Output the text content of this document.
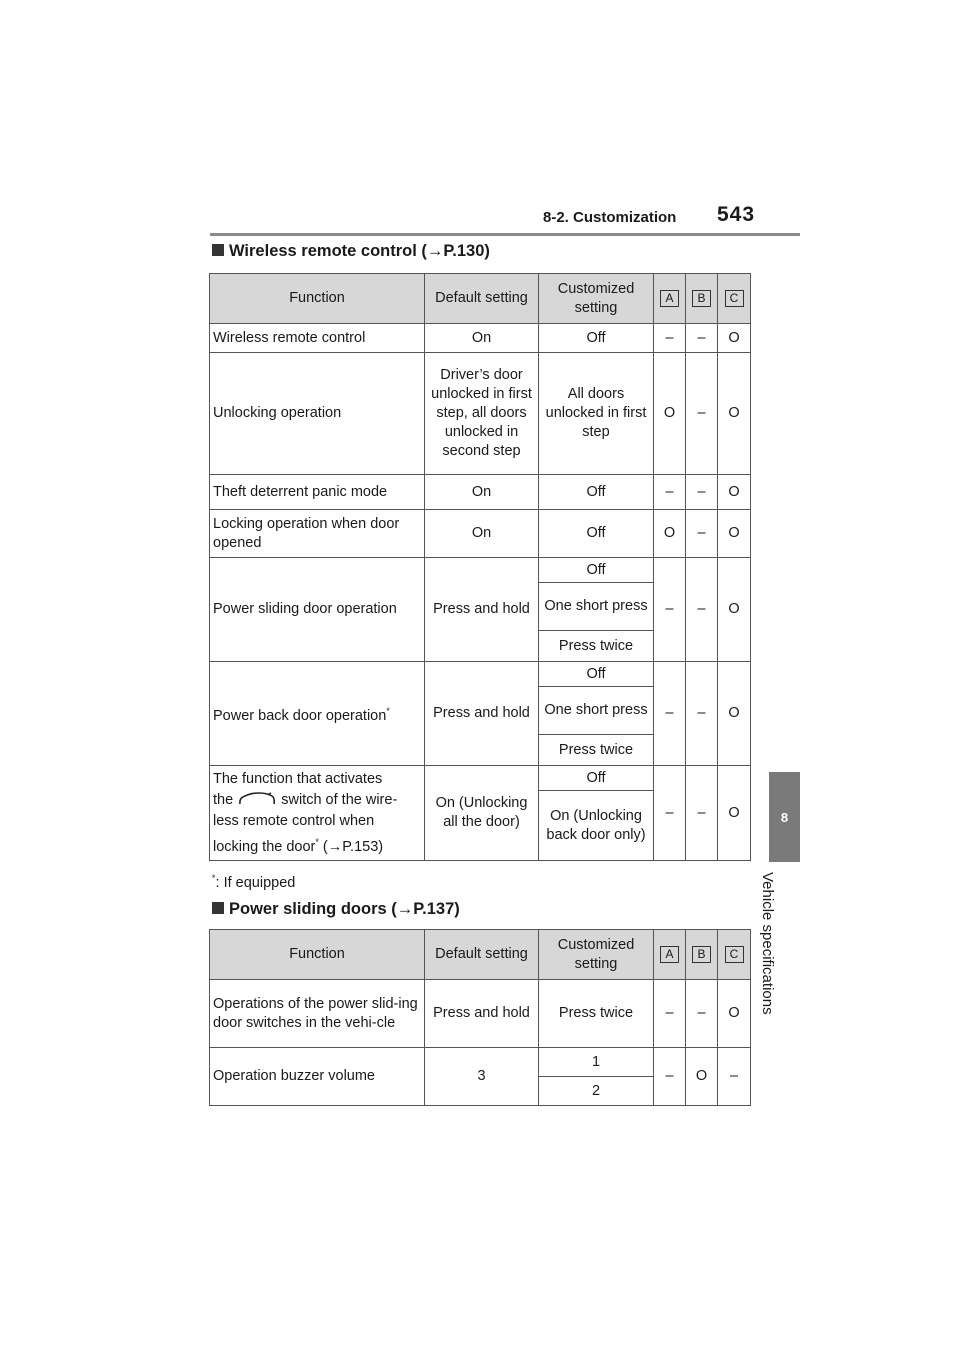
8-2. Customization 543
8
Vehicle specifications
Wireless remote control (→P.130)
Function	Default setting	Customized setting	A	B	C
Wireless remote control	On	Off	–	–	O
Unlocking operation	Driver’s door unlocked in first step, all doors unlocked in second step	All doors unlocked in first step	O	–	O
Theft deterrent panic mode	On	Off	–	–	O
Locking operation when door opened	On	Off	O	–	O
Power sliding door operation	Press and hold	Off	–	–	O
		One short press			
		Press twice			
Power back door operation*	Press and hold	Off	–	–	O
		One short press			
		Press twice			
The function that activates
the switch of the wire-less remote control when
locking the door* (→P.153)	On (Unlocking all the door)	Off	–	–	O
		On (Unlocking back door only)			
*: If equipped
Power sliding doors (→P.137)
Function	Default setting	Customized setting	A	B	C
Operations of the power slid-ing door switches in the vehi-cle	Press and hold	Press twice	–	–	O
Operation buzzer volume	3	1	–	O	–
		2			
